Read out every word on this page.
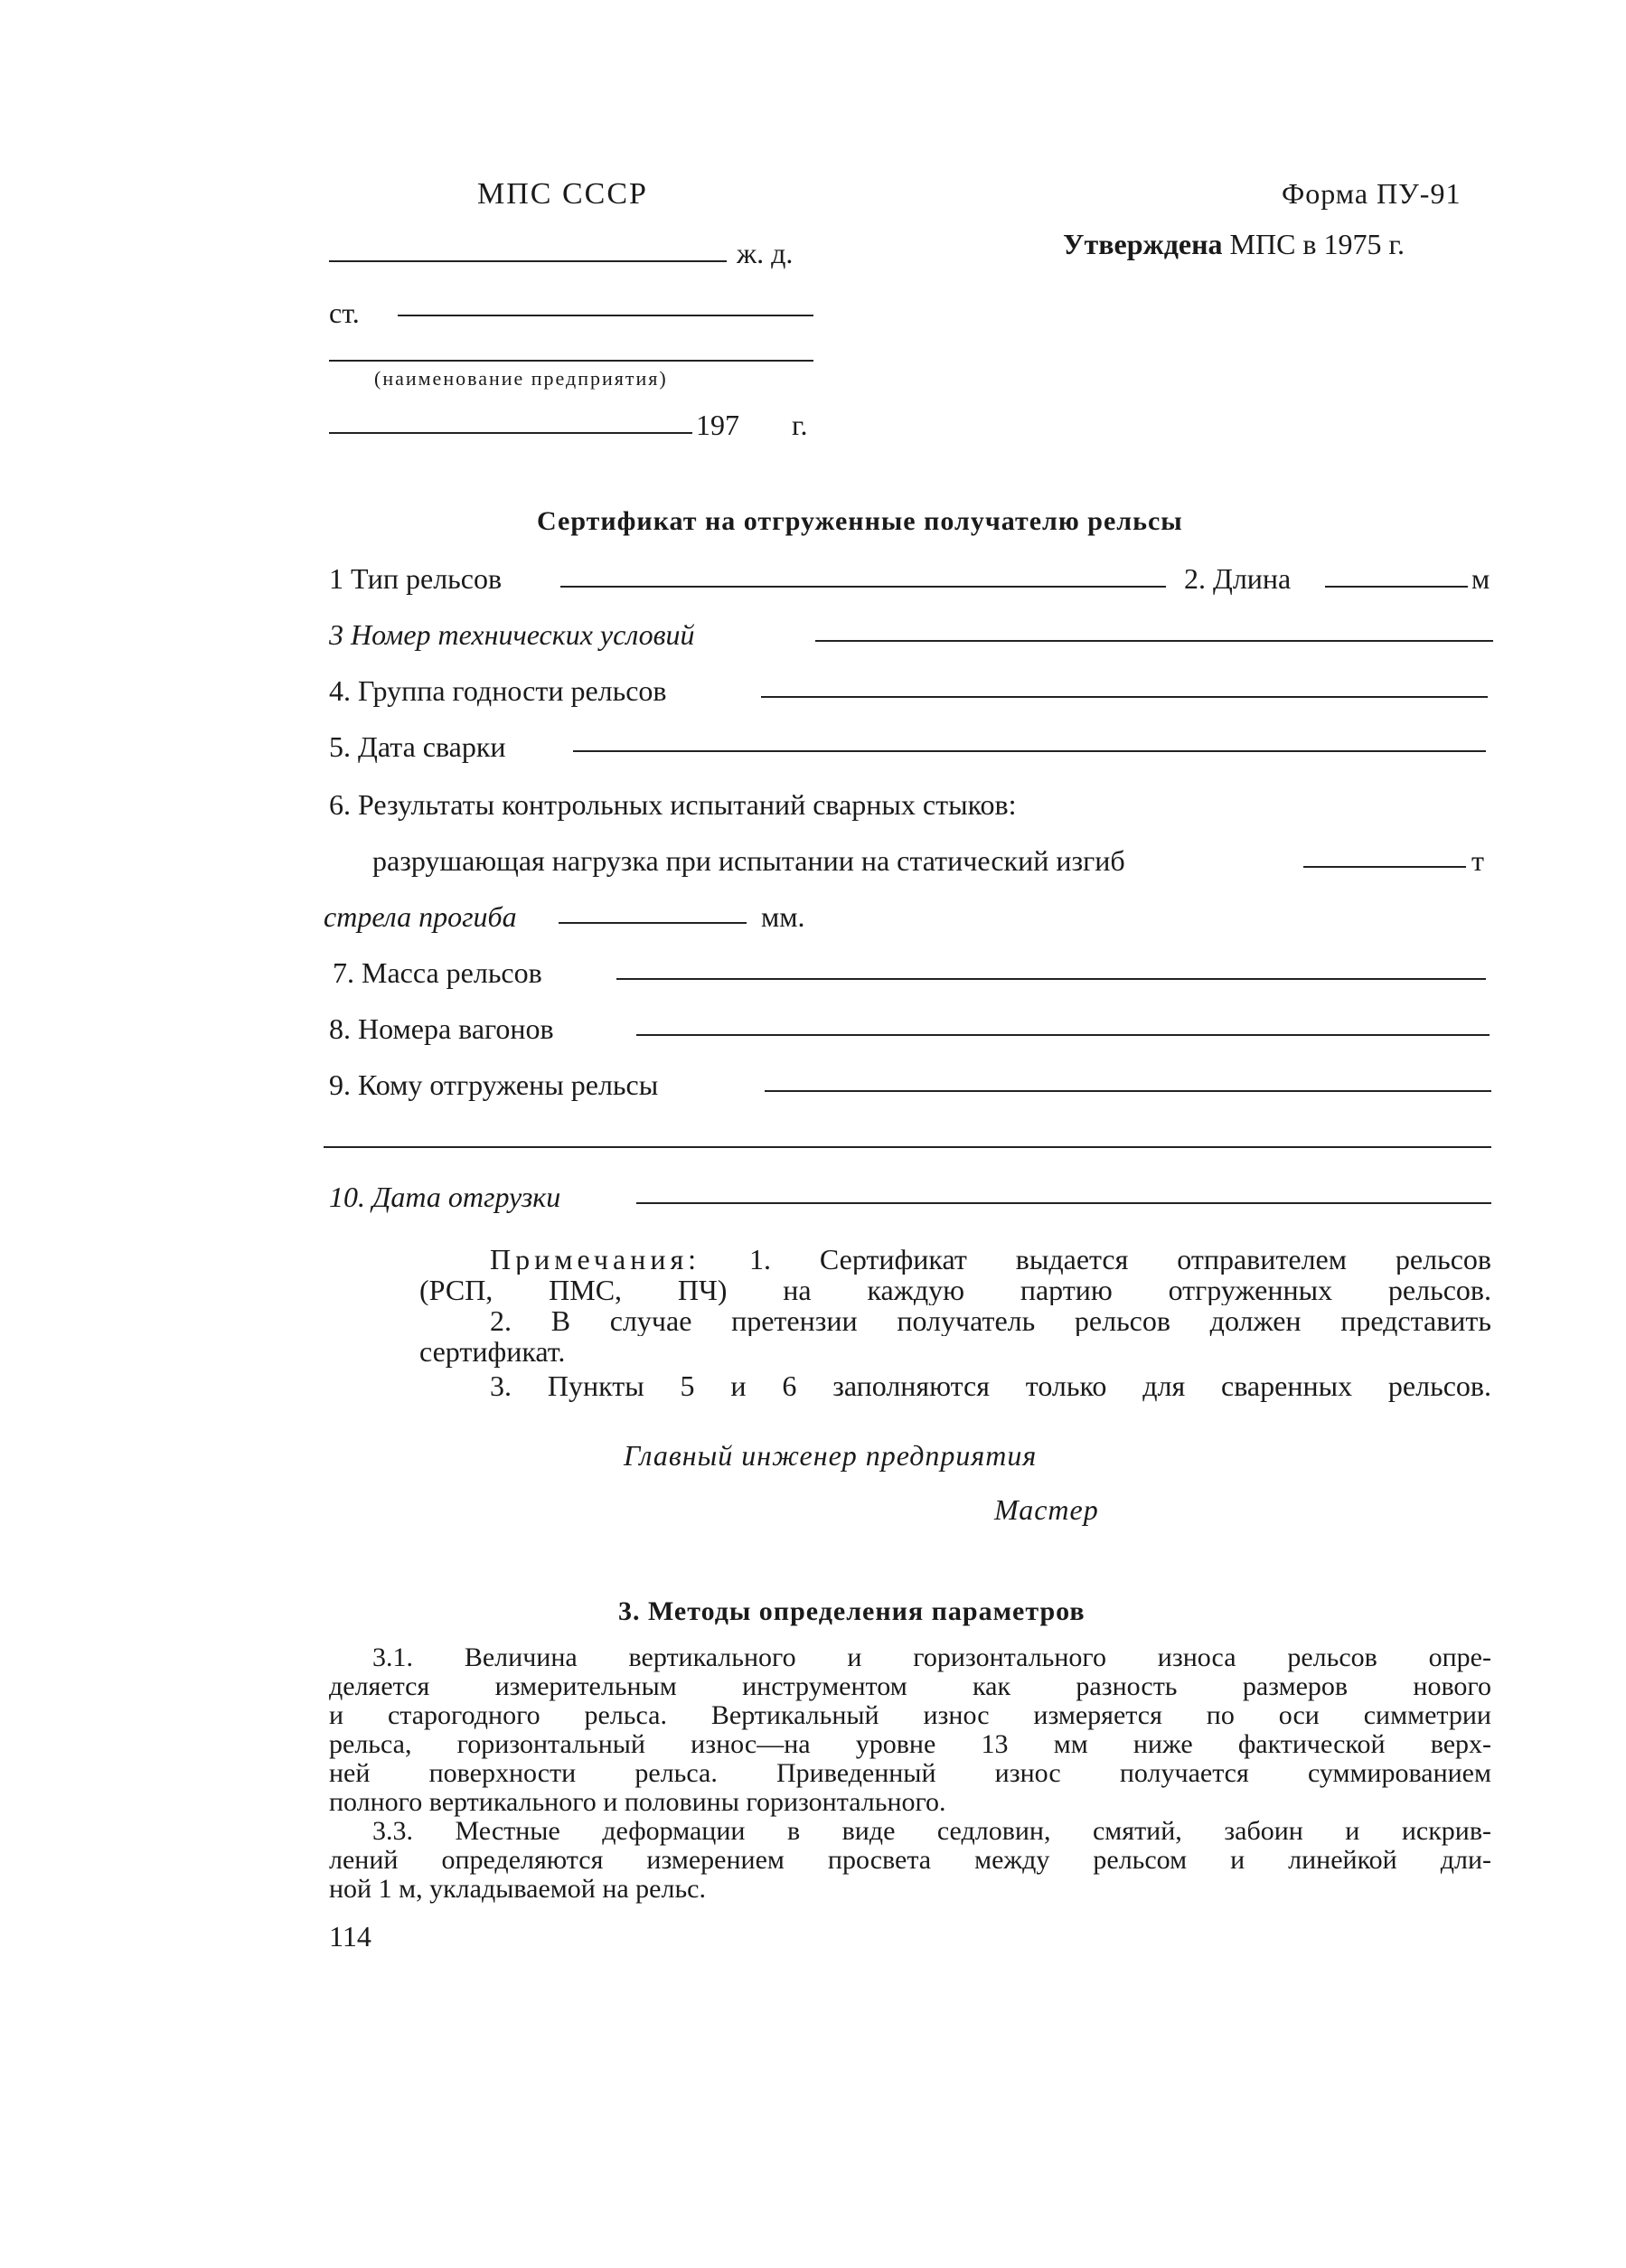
МПС СССР
ж. д.
ст.
(наименование предприятия)
197 г.
Форма ПУ-91
Утверждена МПС в 1975 г.
Сертификат на отгруженные получателю рельсы
1 Тип рельсов	2. Длина	м
3 Номер технических условий
4. Группа годности рельсов
5. Дата сварки
6. Результаты контрольных испытаний сварных стыков:
разрушающая нагрузка при испытании на статический изгиб	т
стрела прогиба	мм.
7. Масса рельсов
8. Номера вагонов
9. Кому отгружены рельсы
10. Дата отгрузки
Примечания: 1. Сертификат выдается отправителем рельсов
(РСП, ПМС, ПЧ) на каждую партию отгруженных рельсов.
2. В случае претензии получатель рельсов должен представить
сертификат.
3. Пункты 5 и 6 заполняются только для сваренных рельсов.
Главный инженер предприятия
Мастер
3. Методы определения параметров
3.1. Величина вертикального и горизонтального износа рельсов опре-
деляется измерительным инструментом как разность размеров нового
и старогодного рельса. Вертикальный износ измеряется по оси симметрии
рельса, горизонтальный износ—на уровне 13 мм ниже фактической верх-
ней поверхности рельса. Приведенный износ получается суммированием
полного вертикального и половины горизонтального.
3.3. Местные деформации в виде седловин, смятий, забоин и искрив-
лений определяются измерением просвета между рельсом и линейкой дли-
ной 1 м, укладываемой на рельс.
114
